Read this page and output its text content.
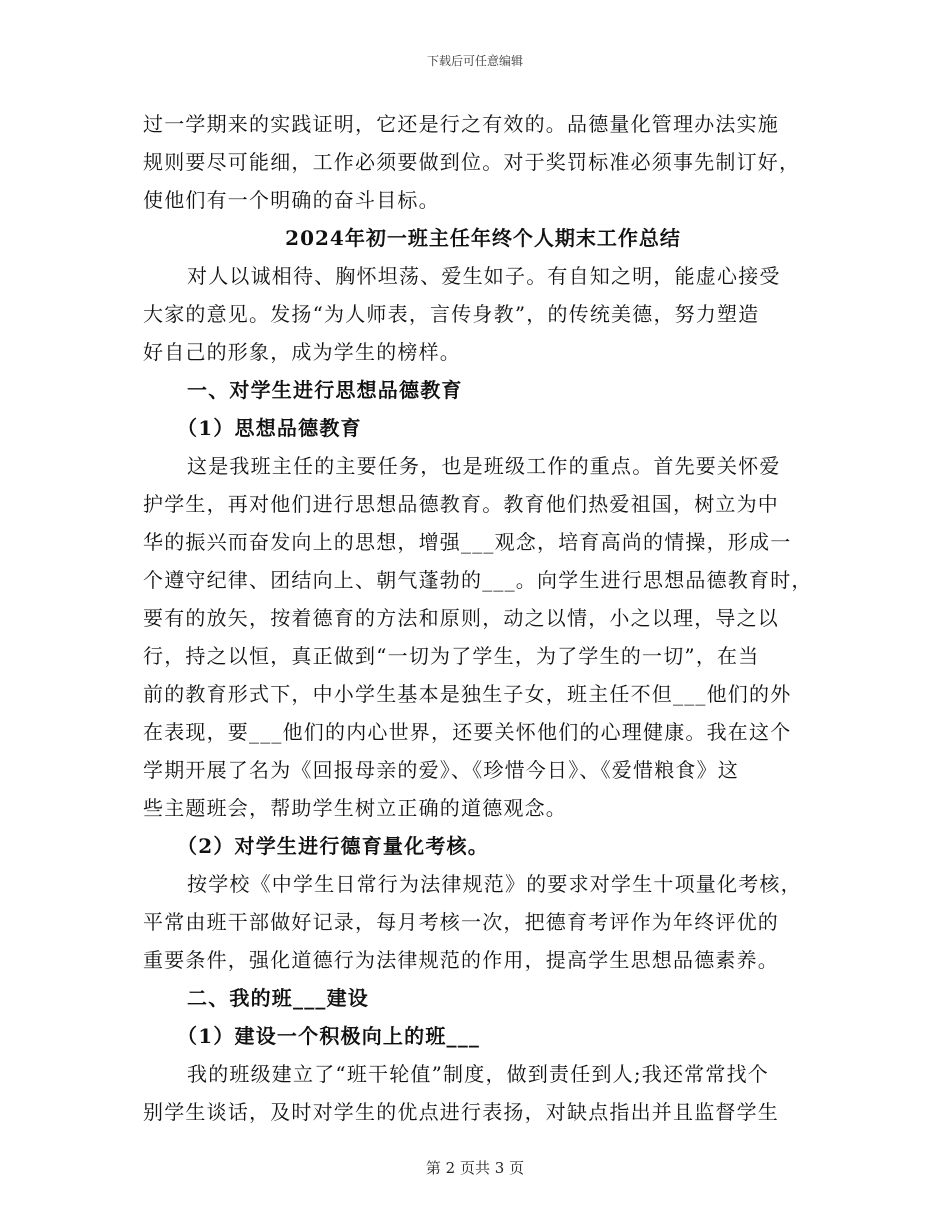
下载后可任意编辑
过一学期来的实践证明，它还是行之有效的。品德量化管理办法实施
规则要尽可能细，工作必须要做到位。对于奖罚标准必须事先制订好，
使他们有一个明确的奋斗目标。
2024年初一班主任年终个人期末工作总结
对人以诚相待、胸怀坦荡、爱生如子。有自知之明，能虚心接受
大家的意见。发扬“为人师表，言传身教”，的传统美德，努力塑造
好自己的形象，成为学生的榜样。
一、对学生进行思想品德教育
（1）思想品德教育
这是我班主任的主要任务，也是班级工作的重点。首先要关怀爱
护学生，再对他们进行思想品德教育。教育他们热爱祖国，树立为中
华的振兴而奋发向上的思想，增强___观念，培育高尚的情操，形成一
个遵守纪律、团结向上、朝气蓬勃的___。向学生进行思想品德教育时，
要有的放矢，按着德育的方法和原则，动之以情，小之以理，导之以
行，持之以恒，真正做到“一切为了学生，为了学生的一切”，在当
前的教育形式下，中小学生基本是独生子女，班主任不但___他们的外
在表现，要___他们的内心世界，还要关怀他们的心理健康。我在这个
学期开展了名为《回报母亲的爱》、《珍惜今日》、《爱惜粮食》这
些主题班会，帮助学生树立正确的道德观念。
（2）对学生进行德育量化考核。
按学校《中学生日常行为法律规范》的要求对学生十项量化考核，
平常由班干部做好记录，每月考核一次，把德育考评作为年终评优的
重要条件，强化道德行为法律规范的作用，提高学生思想品德素养。
二、我的班___建设
（1）建设一个积极向上的班___
我的班级建立了“班干轮值”制度，做到责任到人;我还常常找个
别学生谈话，及时对学生的优点进行表扬，对缺点指出并且监督学生
第 2 页共 3 页
